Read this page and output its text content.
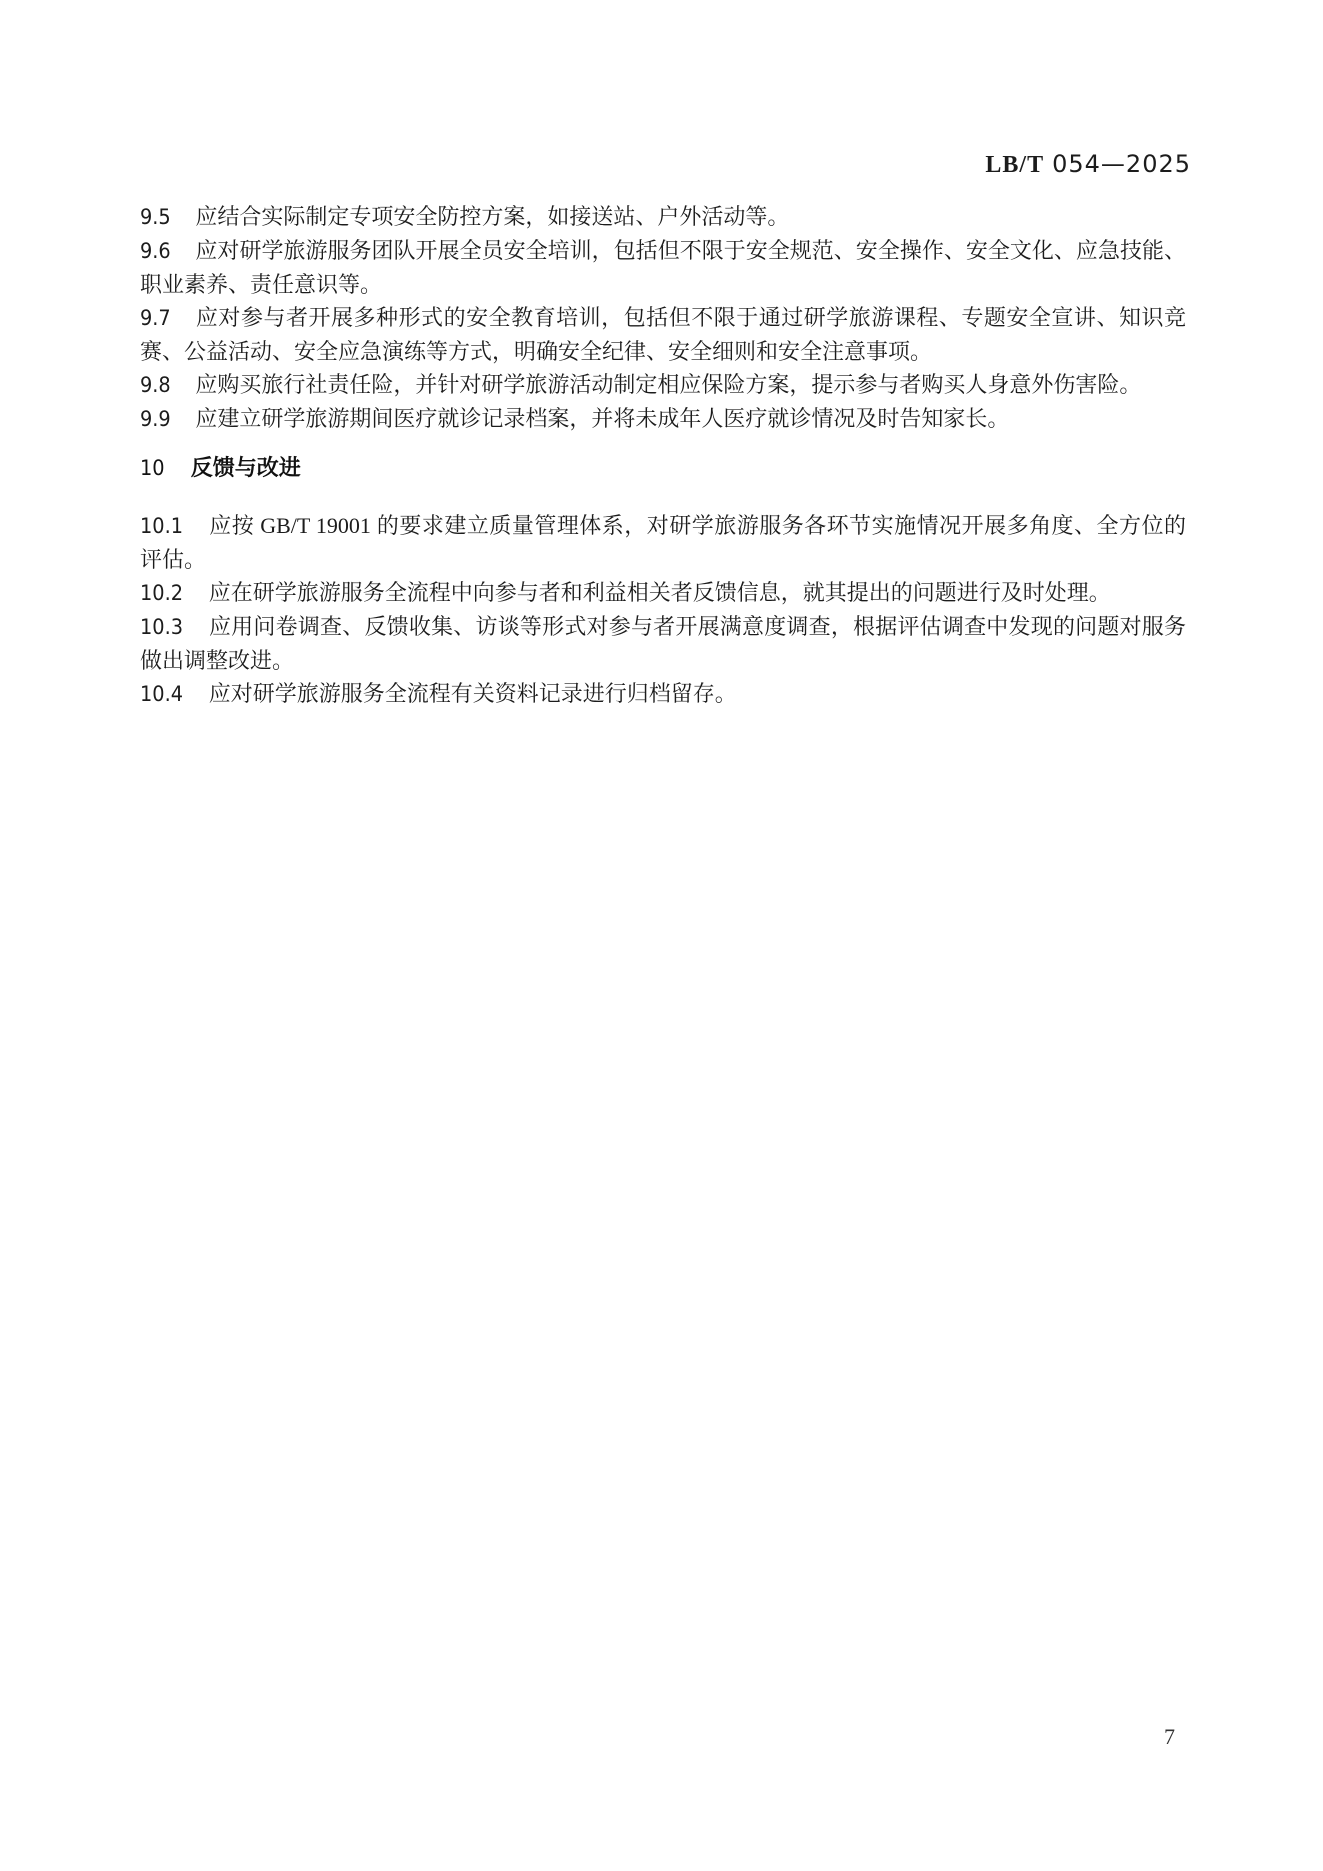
LB/T 054—2025

9.5 应结合实际制定专项安全防控方案，如接送站、户外活动等。

9.6 应对研学旅游服务团队开展全员安全培训，包括但不限于安全规范、安全操作、安全文化、应急技能、职业素养、责任意识等。

9.7 应对参与者开展多种形式的安全教育培训，包括但不限于通过研学旅游课程、专题安全宣讲、知识竞赛、公益活动、安全应急演练等方式，明确安全纪律、安全细则和安全注意事项。

9.8 应购买旅行社责任险，并针对研学旅游活动制定相应保险方案，提示参与者购买人身意外伤害险。

9.9 应建立研学旅游期间医疗就诊记录档案，并将未成年人医疗就诊情况及时告知家长。

10 反馈与改进

10.1 应按 GB/T 19001 的要求建立质量管理体系，对研学旅游服务各环节实施情况开展多角度、全方位的评估。

10.2 应在研学旅游服务全流程中向参与者和利益相关者反馈信息，就其提出的问题进行及时处理。

10.3 应用问卷调查、反馈收集、访谈等形式对参与者开展满意度调查，根据评估调查中发现的问题对服务做出调整改进。

10.4 应对研学旅游服务全流程有关资料记录进行归档留存。

7
